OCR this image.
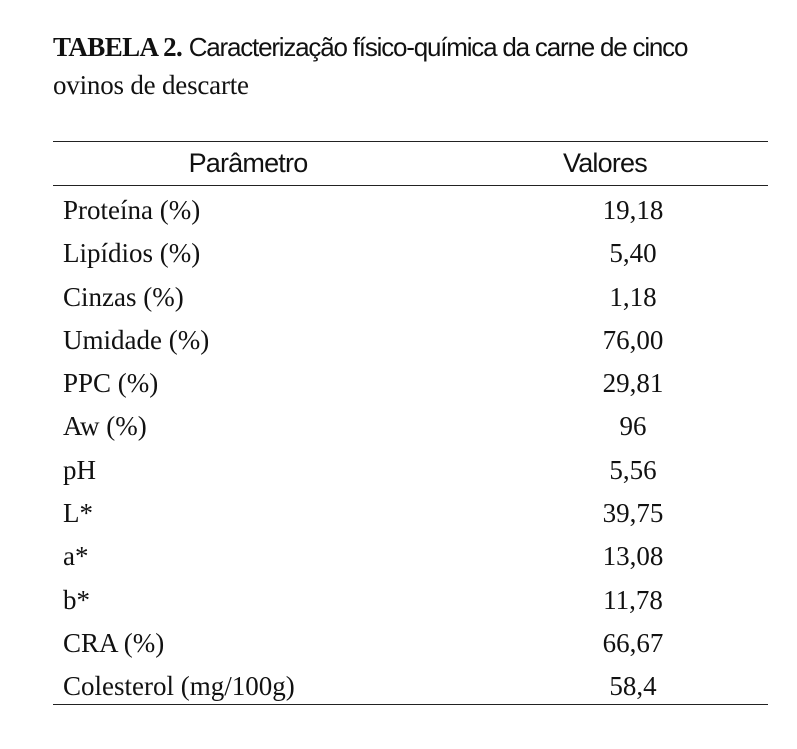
TABELA 2. Caracterização físico-química da carne de cinco
ovinos de descarte
Parâmetro	Valores
Proteína (%)	19,18
Lipídios (%)	5,40
Cinzas (%)	1,18
Umidade (%)	76,00
PPC (%)	29,81
Aw (%)	96
pH	5,56
L*	39,75
a*	13,08
b*	11,78
CRA (%)	66,67
Colesterol (mg/100g)	58,4
